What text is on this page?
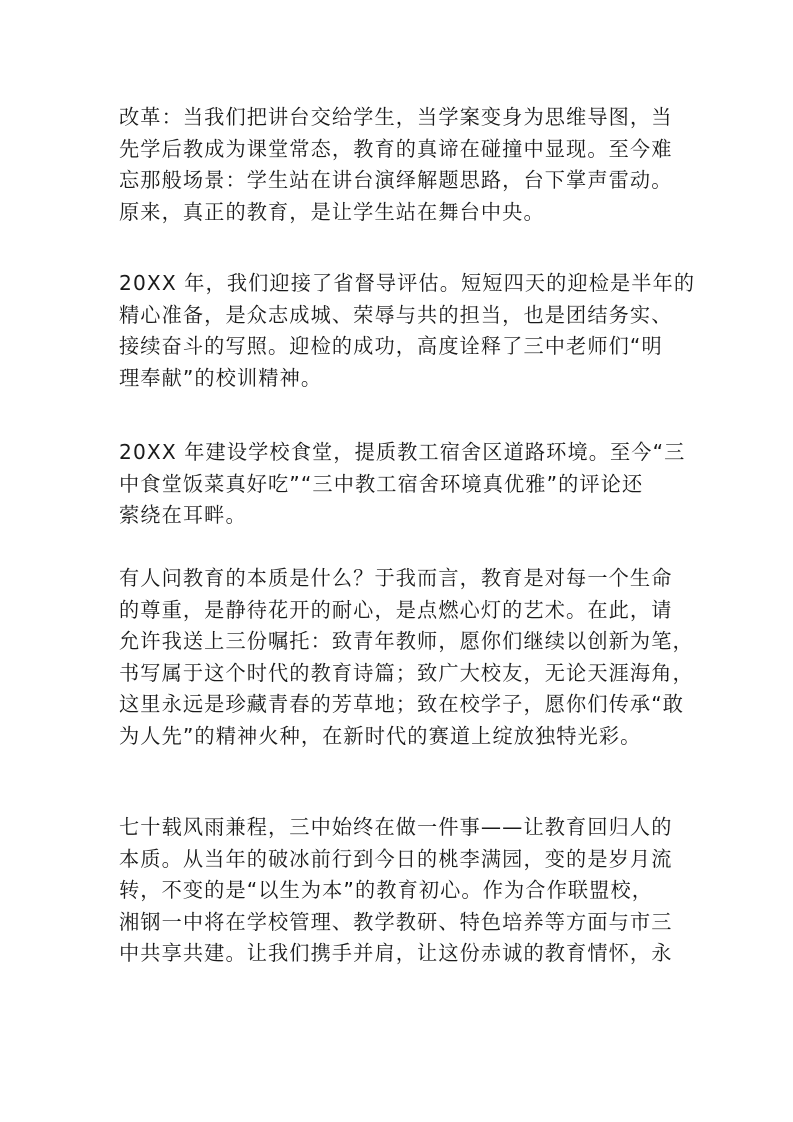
改革：当我们把讲台交给学生，当学案变身为思维导图，当
先学后教成为课堂常态，教育的真谛在碰撞中显现。至今难
忘那般场景：学生站在讲台演绎解题思路，台下掌声雷动。
原来，真正的教育，是让学生站在舞台中央。

20XX 年，我们迎接了省督导评估。短短四天的迎检是半年的
精心准备，是众志成城、荣辱与共的担当，也是团结务实、
接续奋斗的写照。迎检的成功，高度诠释了三中老师们“明
理奉献”的校训精神。

20XX 年建设学校食堂，提质教工宿舍区道路环境。至今“三
中食堂饭菜真好吃”“三中教工宿舍环境真优雅”的评论还
萦绕在耳畔。

有人问教育的本质是什么？于我而言，教育是对每一个生命
的尊重，是静待花开的耐心，是点燃心灯的艺术。在此，请
允许我送上三份嘱托：致青年教师，愿你们继续以创新为笔，
书写属于这个时代的教育诗篇；致广大校友，无论天涯海角，
这里永远是珍藏青春的芳草地；致在校学子，愿你们传承“敢
为人先”的精神火种，在新时代的赛道上绽放独特光彩。

七十载风雨兼程，三中始终在做一件事——让教育回归人的
本质。从当年的破冰前行到今日的桃李满园，变的是岁月流
转，不变的是“以生为本”的教育初心。作为合作联盟校，
湘钢一中将在学校管理、教学教研、特色培养等方面与市三
中共享共建。让我们携手并肩，让这份赤诚的教育情怀，永
